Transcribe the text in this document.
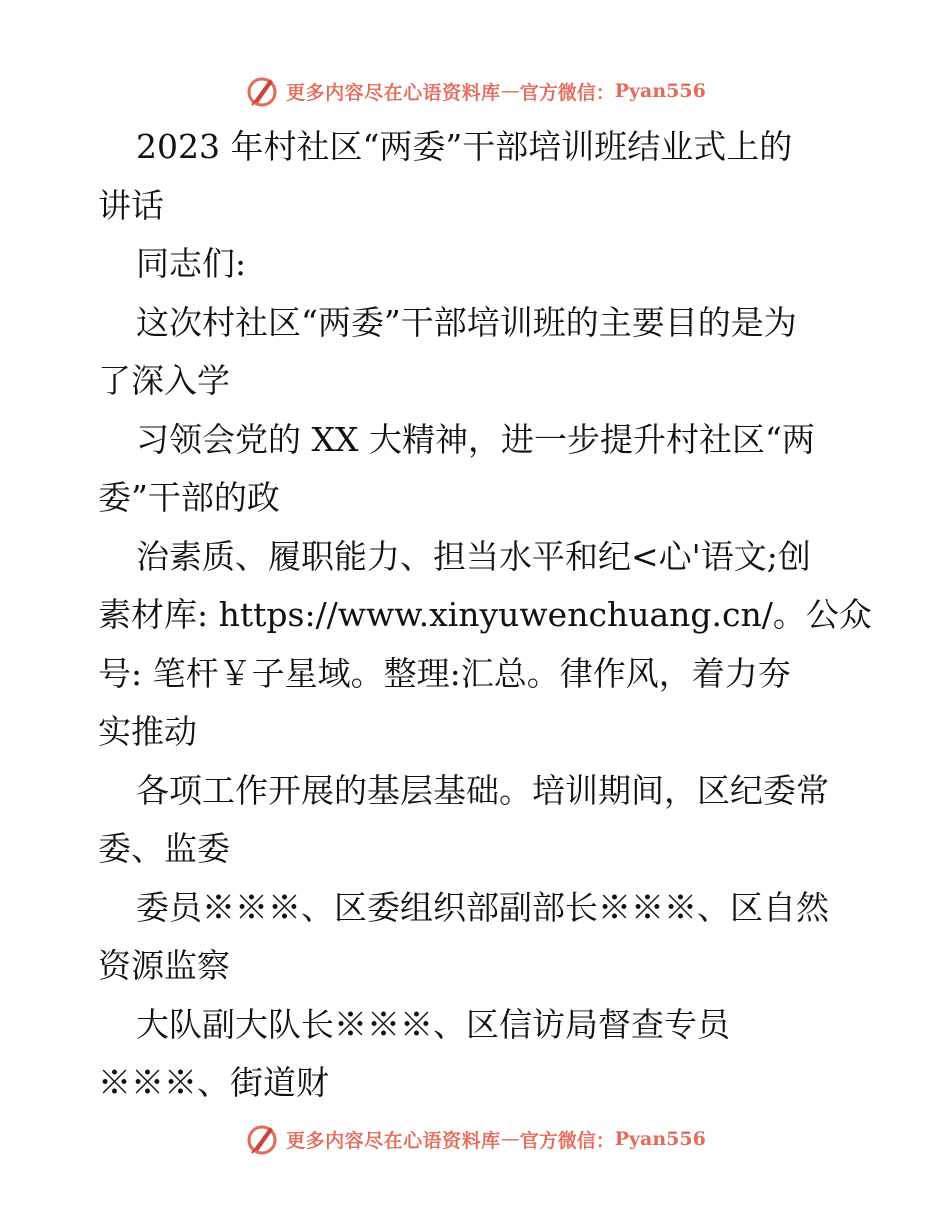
更多内容尽在心语资料库 — 官方微信： Pyan556
2023 年村社区“两委”干部培训班结业式上的
讲话
同志们:
这次村社区“两委”干部培训班的主要目的是为
了深入学
习领会党的 XX 大精神，进一步提升村社区“两
委”干部的政
治素质、履职能力、担当水平和纪<心'语文;创
素材库: https://www.xinyuwenchuang.cn/。公众
号: 笔杆￥子星域。整理:汇总。律作风，着力夯
实推动
各项工作开展的基层基础。培训期间，区纪委常
委、监委
委员※※※、区委组织部副部长※※※、区自然
资源监察
大队副大队长※※※、区信访局督查专员
※※※、街道财
更多内容尽在心语资料库 — 官方微信： Pyan556
